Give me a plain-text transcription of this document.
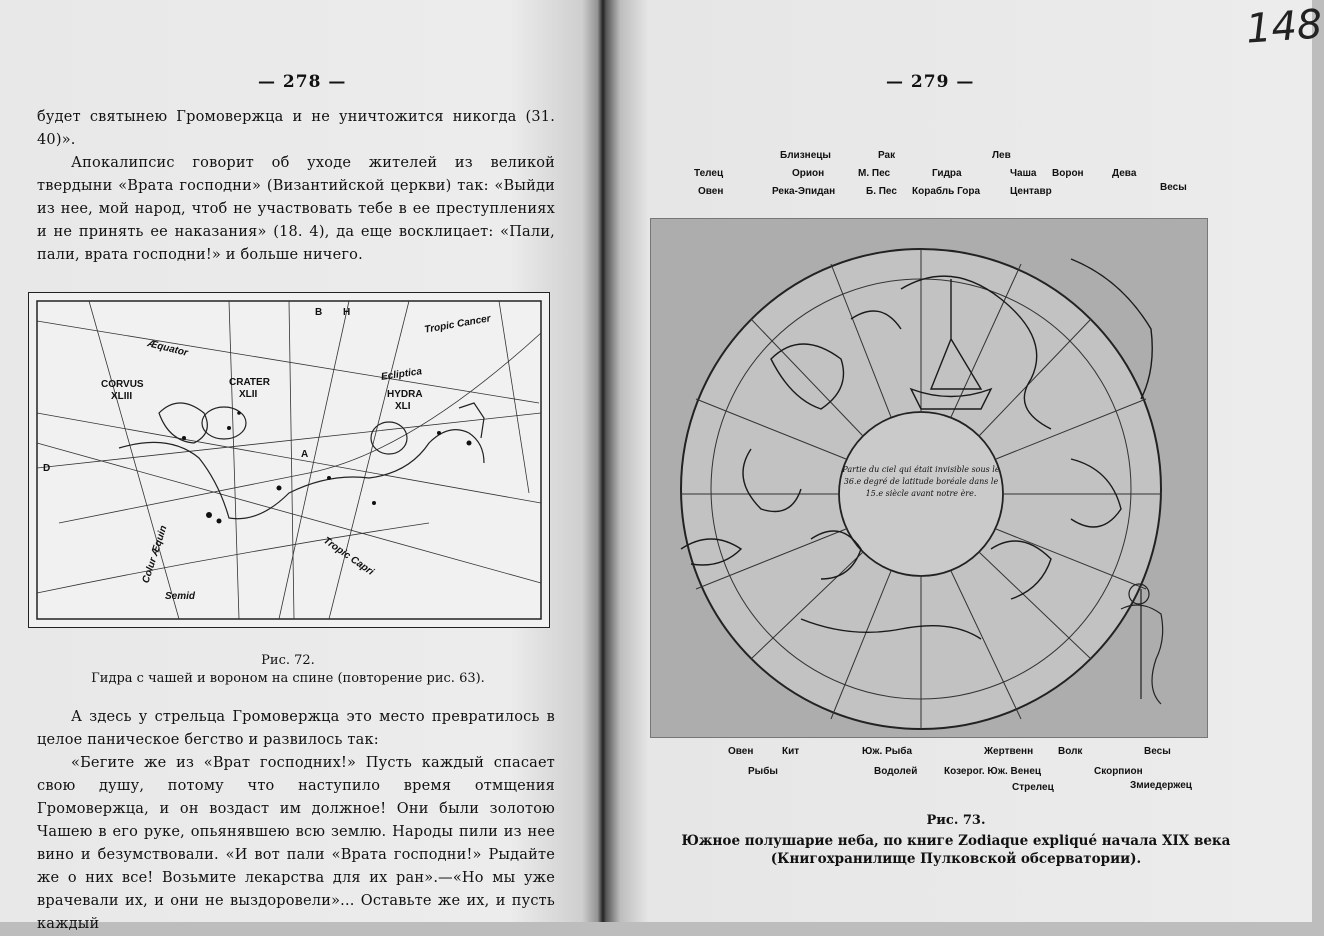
— 278 —
будет святынею Громовержца и не уничтожится никогда (31. 40)».
Апокалипсис говорит об уходе жителей из великой твердыни «Врата господни» (Византийской церкви) так: «Выйди из нее, мой народ, чтоб не участвовать тебе в ее преступлениях и не принять ее наказания» (18. 4), да еще восклицает: «Пали, пали, врата господни!» и больше ничего.
Æquator
Tropic Cancer
Ecliptica
CORVUS
XLIII
CRATER
XLII	HYDRA
XLI
Colur Æquin	Tropic Capri
Semid
D
A
B H
Рис. 72.
Гидра с чашей и вороном на спине (повторение рис. 63).
А здесь у стрельца Громовержца это место превратилось в целое паническое бегство и развилось так:
«Бегите же из «Врат господних!» Пусть каждый спасает свою душу, потому что наступило время отмщения Громовержца, и он воздаст им должное! Они были золотою Чашею в его руке, опьянявшею всю землю. Народы пили из нее вино и безумствовали. «И вот пали «Врата господни!» Рыдайте же о них все! Возьмите лекарства для их ран».—«Но мы уже врачевали их, и они не выздоровели»... Оставьте же их, и пусть каждый
148
— 279 —
Близнецы	Рак	Лев
Телец	Орион	М. Пес	Гидра	Чаша Ворон	Дева
Овен	Река-Эпидан	Б. Пес Корабль Гора	Центавр	Весы
Partie du ciel qui était invisible sous le 36.e degré de latitude boréale dans le 15.e siècle avant notre ère.
Овен	Кит	Юж. Рыба	Жертвенн Волк	Весы
Рыбы	Водолей	Козерог. Юж. Венец	Скорпион
Стрелец	Змиедержец
Рис. 73.
Южное полушарие неба, по книге Zodiaque expliqué начала XIX века (Книгохранилище Пулковской обсерватории).
